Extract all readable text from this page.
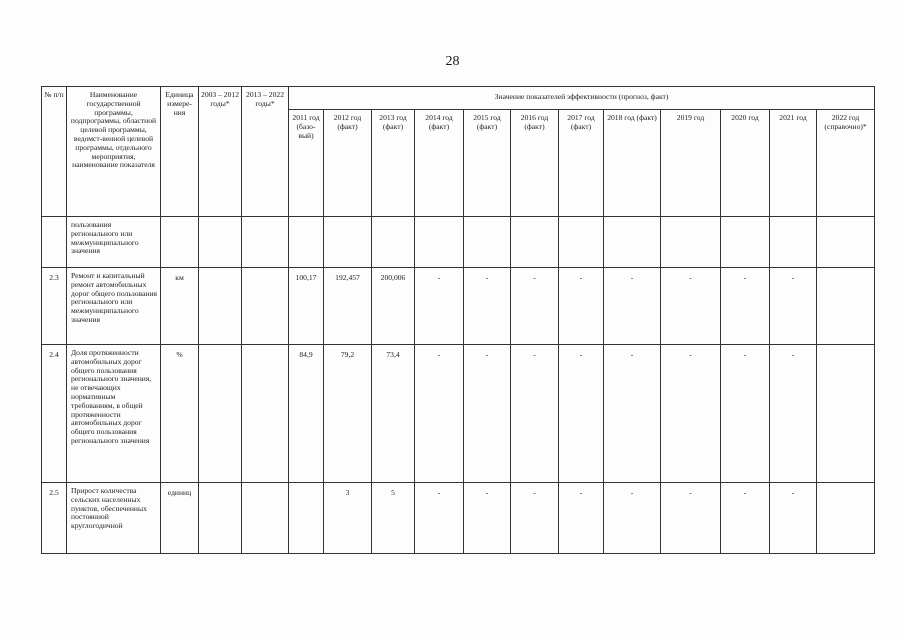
28
№ п/п	Наименование государственной программы, подпрограммы, областной целевой программы, ведомст-венной целевой программы, отдельного мероприятия, наименование показателя	Единица измере-ния	2003 – 2012 годы*	2013 – 2022 годы*	Значение показателей эффективности (прогноз, факт)											
					2011 год (базо-вый)	2012 год (факт)	2013 год (факт)	2014 год (факт)	2015 год (факт)	2016 год (факт)	2017 год (факт)	2018 год (факт)	2019 год	2020 год	2021 год	2022 год (справочно)*
	пользования регионального или межмуниципального значения															
2.3	Ремонт и капитальный ремонт автомобильных дорог общего пользования регионального или межмуниципального значения	км			100,17	192,457	200,006	-	-	-	-	-	-	-	-	
2.4	Доля протяженности автомобильных дорог общего пользования регионального значения, не отвечающих нормативным требованиям, в общей протяженности автомобильных дорог общего пользования регионального значения	%			84,9	79,2	73,4	-	-	-	-	-	-	-	-	
2.5	Прирост количества сельских населенных пунктов, обеспеченных постоянной круглогодичной	единиц				3	5	-	-	-	-	-	-	-	-	
